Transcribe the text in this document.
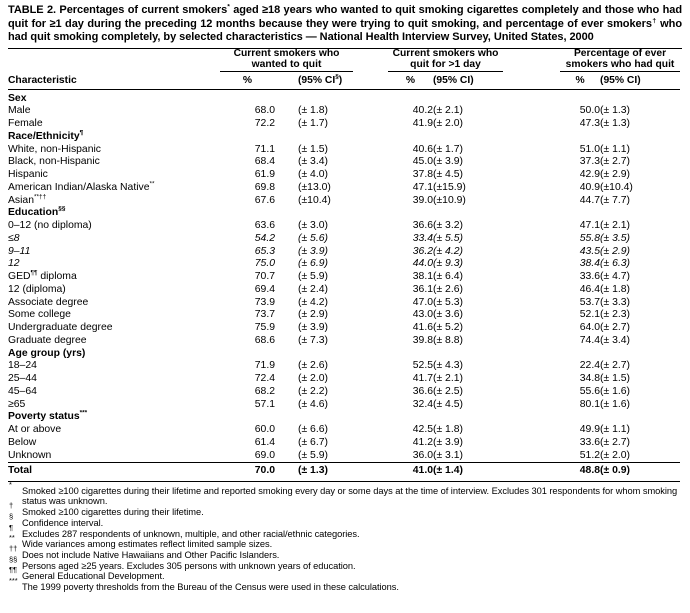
TABLE 2. Percentages of current smokers* aged ≥18 years who wanted to quit smoking cigarettes completely and those who had quit for ≥1 day during the preceding 12 months because they were trying to quit smoking, and percentage of ever smokers† who had quit smoking completely, by selected characteristics — National Health Interview Survey, United States, 2000
	Current smokers who wanted to quit			Current smokers who quit for >1 day			Percentage of ever smokers who had quit	
Characteristic	%	(95% CI§)		%	(95% CI)		%	(95% CI)
Sex								
Male	68.0	(± 1.8)		40.2	(± 2.1)		50.0	(± 1.3)
Female	72.2	(± 1.7)		41.9	(± 2.0)		47.3	(± 1.3)
Race/Ethnicity¶
White, non-Hispanic	71.1	(± 1.5)		40.6	(± 1.7)		51.0	(± 1.1)
Black, non-Hispanic	68.4	(± 3.4)		45.0	(± 3.9)		37.3	(± 2.7)
Hispanic	61.9	(± 4.0)		37.8	(± 4.5)		42.9	(± 2.9)
American Indian/Alaska Native**	69.8	(±13.0)		47.1	(±15.9)		40.9	(±10.4)
Asian**††	67.6	(±10.4)		39.0	(±10.9)		44.7	(± 7.7)
Education§§
0–12 (no diploma)	63.6	(± 3.0)		36.6	(± 3.2)		47.1	(± 2.1)
≤8	54.2	(± 5.6)		33.4	(± 5.5)		55.8	(± 3.5)
9–11	65.3	(± 3.9)		36.2	(± 4.2)		43.5	(± 2.9)
12	75.0	(± 6.9)		44.0	(± 9.3)		38.4	(± 6.3)
GED¶¶ diploma	70.7	(± 5.9)		38.1	(± 6.4)		33.6	(± 4.7)
12 (diploma)	69.4	(± 2.4)		36.1	(± 2.6)		46.4	(± 1.8)
Associate degree	73.9	(± 4.2)		47.0	(± 5.3)		53.7	(± 3.3)
Some college	73.7	(± 2.9)		43.0	(± 3.6)		52.1	(± 2.3)
Undergraduate degree	75.9	(± 3.9)		41.6	(± 5.2)		64.0	(± 2.7)
Graduate degree	68.6	(± 7.3)		39.8	(± 8.8)		74.4	(± 3.4)
Age group (yrs)								
18–24	71.9	(± 2.6)		52.5	(± 4.3)		22.4	(± 2.7)
25–44	72.4	(± 2.0)		41.7	(± 2.1)		34.8	(± 1.5)
45–64	68.2	(± 2.2)		36.6	(± 2.5)		55.6	(± 1.6)
≥65	57.1	(± 4.6)		32.4	(± 4.5)		80.1	(± 1.6)
Poverty status***
At or above	60.0	(± 6.6)		42.5	(± 1.8)		49.9	(± 1.1)
Below	61.4	(± 6.7)		41.2	(± 3.9)		33.6	(± 2.7)
Unknown	69.0	(± 5.9)		36.0	(± 3.1)		51.2	(± 2.0)
Total	70.0	(± 1.3)		41.0	(± 1.4)		48.8	(± 0.9)
*
Smoked ≥100 cigarettes during their lifetime and reported smoking every day or some days at the time of interview. Excludes 301 respondents for whom smoking status was unknown.
†
Smoked ≥100 cigarettes during their lifetime.
§
Confidence interval.
¶
Excludes 287 respondents of unknown, multiple, and other racial/ethnic categories.
**
Wide variances among estimates reflect limited sample sizes.
††
Does not include Native Hawaiians and Other Pacific Islanders.
§§
Persons aged ≥25 years. Excludes 305 persons with unknown years of education.
¶¶
General Educational Development.
***
The 1999 poverty thresholds from the Bureau of the Census were used in these calculations.
